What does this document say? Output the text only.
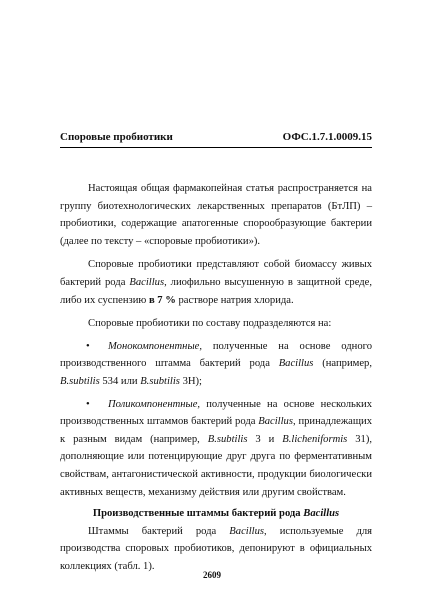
Споровые пробиотики	ОФС.1.7.1.0009.15

Настоящая общая фармакопейная статья распространяется на группу биотехнологических лекарственных препаратов (БтЛП) – пробиотики, содержащие апатогенные спорообразующие бактерии (далее по тексту – «споровые пробиотики»).

Споровые пробиотики представляют собой биомассу живых бактерий рода Bacillus, лиофильно высушенную в защитной среде, либо их суспензию в 7 % растворе натрия хлорида.

Споровые пробиотики по составу подразделяются на:

•	Монокомпонентные, полученные на основе одного производственного штамма бактерий рода Bacillus (например, B.subtilis 534 или B.subtilis 3Н);
•	Поликомпонентные, полученные на основе нескольких производственных штаммов бактерий рода Bacillus, принадлежащих к разным видам (например, B.subtilis 3 и B.licheniformis 31), дополняющие или потенцирующие друг друга по ферментативным свойствам, антагонистической активности, продукции биологически активных веществ, механизму действия или другим свойствам.
Производственные штаммы бактерий рода Bacillus

Штаммы бактерий рода Bacillus, используемые для производства споровых пробиотиков, депонируют в официальных коллекциях (табл. 1).

2609
